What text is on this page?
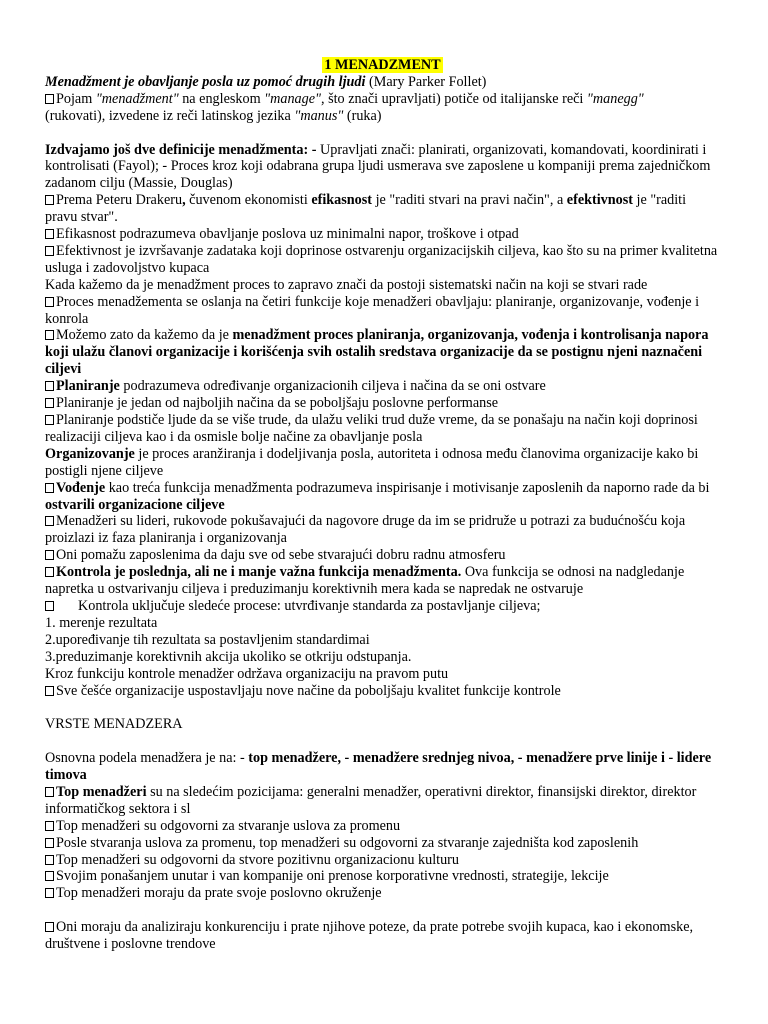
1 MENADZMENT

Menadžment je obavljanje posla uz pomoć drugih ljudi (Mary Parker Follet)

Pojam "menadžment" na engleskom "manage", što znači upravljati) potiče od italijanske reči "manegg"
(rukovati), izvedene iz reči latinskog jezika "manus" (ruka)

Izdvajamo još dve definicije menadžmenta: - Upravljati znači: planirati, organizovati, komandovati, koordinirati i kontrolisati (Fayol); - Proces kroz koji odabrana grupa ljudi usmerava sve zaposlene u kompaniji prema zajedničkom zadanom cilju (Massie, Douglas)

Prema Peteru Drakeru, čuvenom ekonomisti efikasnost je "raditi stvari na pravi način", a efektivnost je "raditi pravu stvar".

Efikasnost podrazumeva obavljanje poslova uz minimalni napor, troškove i otpad

Efektivnost je izvršavanje zadataka koji doprinose ostvarenju organizacijskih ciljeva, kao što su na primer kvalitetna usluga i zadovoljstvo kupaca

Kada kažemo da je menadžment proces to zapravo znači da postoji sistematski način na koji se stvari rade

Proces menadžementa se oslanja na četiri funkcije koje menadžeri obavljaju: planiranje, organizovanje, vođenje i konrola

Možemo zato da kažemo da je menadžment proces planiranja, organizovanja, vođenja i kontrolisanja napora koji ulažu članovi organizacije i korišćenja svih ostalih sredstava organizacije da se postignu njeni naznačeni ciljevi

Planiranje podrazumeva određivanje organizacionih ciljeva i načina da se oni ostvare

Planiranje je jedan od najboljih načina da se poboljšaju poslovne performanse

Planiranje podstiče ljude da se više trude, da ulažu veliki trud duže vreme, da se ponašaju na način koji doprinosi realizaciji ciljeva kao i da osmisle bolje načine za obavljanje posla

Organizovanje je proces aranžiranja i dodeljivanja posla, autoriteta i odnosa među članovima organizacije kako bi postigli njene ciljeve

Vođenje kao treća funkcija menadžmenta podrazumeva inspirisanje i motivisanje zaposlenih da naporno rade da bi ostvarili organizacione ciljeve

Menadžeri su lideri, rukovode pokušavajući da nagovore druge da im se pridruže u potrazi za budućnošću koja proizlazi iz faza planiranja i organizovanja

Oni pomažu zaposlenima da daju sve od sebe stvarajući dobru radnu atmosferu

Kontrola je poslednja, ali ne i manje važna funkcija menadžmenta. Ova funkcija se odnosi na nadgledanje napretka u ostvarivanju ciljeva i preduzimanju korektivnih mera kada se napredak ne ostvaruje

Kontrola uključuje sledeće procese: utvrđivanje standarda za postavljanje ciljeva;

1. merenje rezultata

2.upoređivanje tih rezultata sa postavljenim standardimai

3.preduzimanje korektivnih akcija ukoliko se otkriju odstupanja.

Kroz funkciju kontrole menadžer održava organizaciju na pravom putu

Sve češće organizacije uspostavljaju nove načine da poboljšaju kvalitet funkcije kontrole

VRSTE MENADZERA

Osnovna podela menadžera je na: - top menadžere, - menadžere srednjeg nivoa, - menadžere prve linije i - lidere timova

Top menadžeri su na sledećim pozicijama: generalni menadžer, operativni direktor, finansijski direktor, direktor informatičkog sektora i sl

Top menadžeri su odgovorni za stvaranje uslova za promenu

Posle stvaranja uslova za promenu, top menadžeri su odgovorni za stvaranje zajedništa kod zaposlenih

Top menadžeri su odgovorni da stvore pozitivnu organizacionu kulturu

Svojim ponašanjem unutar i van kompanije oni prenose korporativne vrednosti, strategije, lekcije

Top menadžeri moraju da prate svoje poslovno okruženje

Oni moraju da analiziraju konkurenciju i prate njihove poteze, da prate potrebe svojih kupaca, kao i ekonomske, društvene i poslovne trendove
